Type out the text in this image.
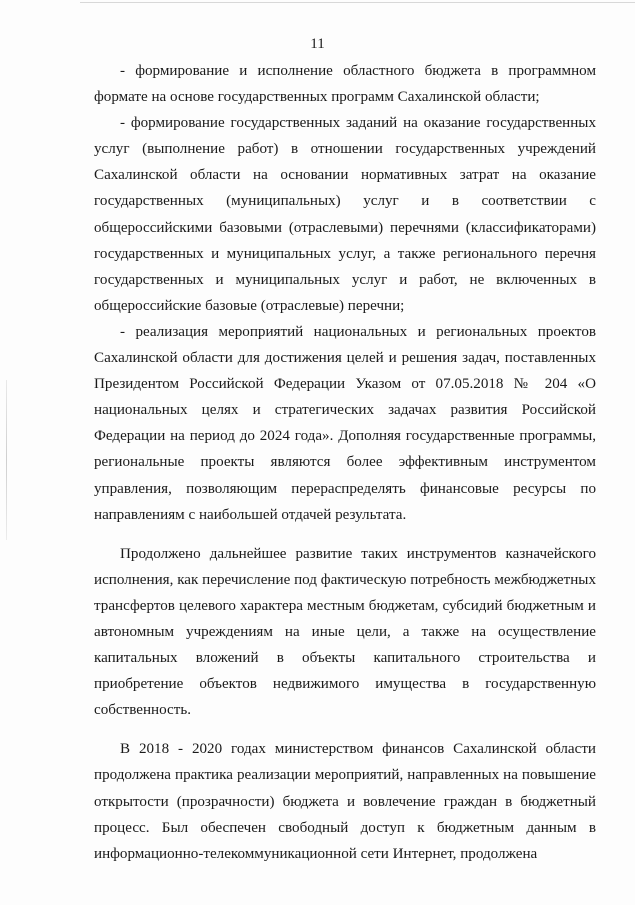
11

- формирование и исполнение областного бюджета в программном формате на основе государственных программ Сахалинской области;

- формирование государственных заданий на оказание государственных услуг (выполнение работ) в отношении государственных учреждений Сахалинской области на основании нормативных затрат на оказание государственных (муниципальных) услуг и в соответствии с общероссийскими базовыми (отраслевыми) перечнями (классификаторами) государственных и муниципальных услуг, а также регионального перечня государственных и муниципальных услуг и работ, не включенных в общероссийские базовые (отраслевые) перечни;

- реализация мероприятий национальных и региональных проектов Сахалинской области для достижения целей и решения задач, поставленных Президентом Российской Федерации Указом от 07.05.2018 № 204 «О национальных целях и стратегических задачах развития Российской Федерации на период до 2024 года». Дополняя государственные программы, региональные проекты являются более эффективным инструментом управления, позволяющим перераспределять финансовые ресурсы по направлениям с наибольшей отдачей результата.

Продолжено дальнейшее развитие таких инструментов казначейского исполнения, как перечисление под фактическую потребность межбюджетных трансфертов целевого характера местным бюджетам, субсидий бюджетным и автономным учреждениям на иные цели, а также на осуществление капитальных вложений в объекты капитального строительства и приобретение объектов недвижимого имущества в государственную собственность.

В 2018 - 2020 годах министерством финансов Сахалинской области продолжена практика реализации мероприятий, направленных на повышение открытости (прозрачности) бюджета и вовлечение граждан в бюджетный процесс. Был обеспечен свободный доступ к бюджетным данным в информационно-телекоммуникационной сети Интернет, продолжена
